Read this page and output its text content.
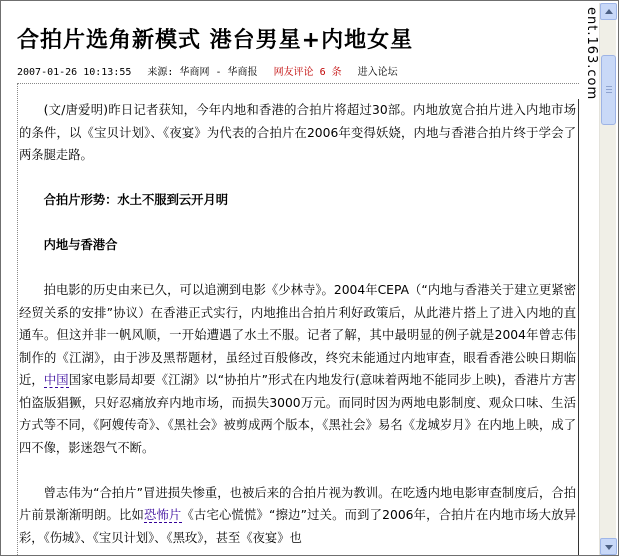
合拍片选角新模式 港台男星+内地女星
2007-01-26 10:13:55 来源: 华商网 - 华商报 网友评论 6 条 进入论坛	ent.163.com

(文/唐爱明)昨日记者获知，今年内地和香港的合拍片将超过30部。内地放宽合拍片进入内地市场的条件，以《宝贝计划》、《夜宴》为代表的合拍片在2006年变得妖娆，内地与香港合拍片终于学会了两条腿走路。

合拍片形势：水土不服到云开月明

内地与香港合

拍电影的历史由来已久，可以追溯到电影《少林寺》。2004年CEPA（“内地与香港关于建立更紧密经贸关系的安排”协议）在香港正式实行，内地推出合拍片利好政策后，从此港片搭上了进入内地的直通车。但这并非一帆风顺，一开始遭遇了水土不服。记者了解，其中最明显的例子就是2004年曾志伟制作的《江湖》，由于涉及黑帮题材，虽经过百般修改，终究未能通过内地审查，眼看香港公映日期临近，中国国家电影局却要《江湖》以“协拍片”形式在内地发行(意味着两地不能同步上映)，香港片方害怕盗版猖獗，只好忍痛放弃内地市场，而损失3000万元。而同时因为两地电影制度、观众口味、生活方式等不同，《阿嫂传奇》、《黑社会》被剪成两个版本，《黑社会》易名《龙城岁月》在内地上映，成了四不像，影迷怨气不断。

曾志伟为“合拍片”冒进损失惨重，也被后来的合拍片视为教训。在吃透内地电影审查制度后，合拍片前景渐渐明朗。比如恐怖片《古宅心慌慌》“擦边”过关。而到了2006年，合拍片在内地市场大放异彩，《伤城》、《宝贝计划》、《黑玫》，甚至《夜宴》也
